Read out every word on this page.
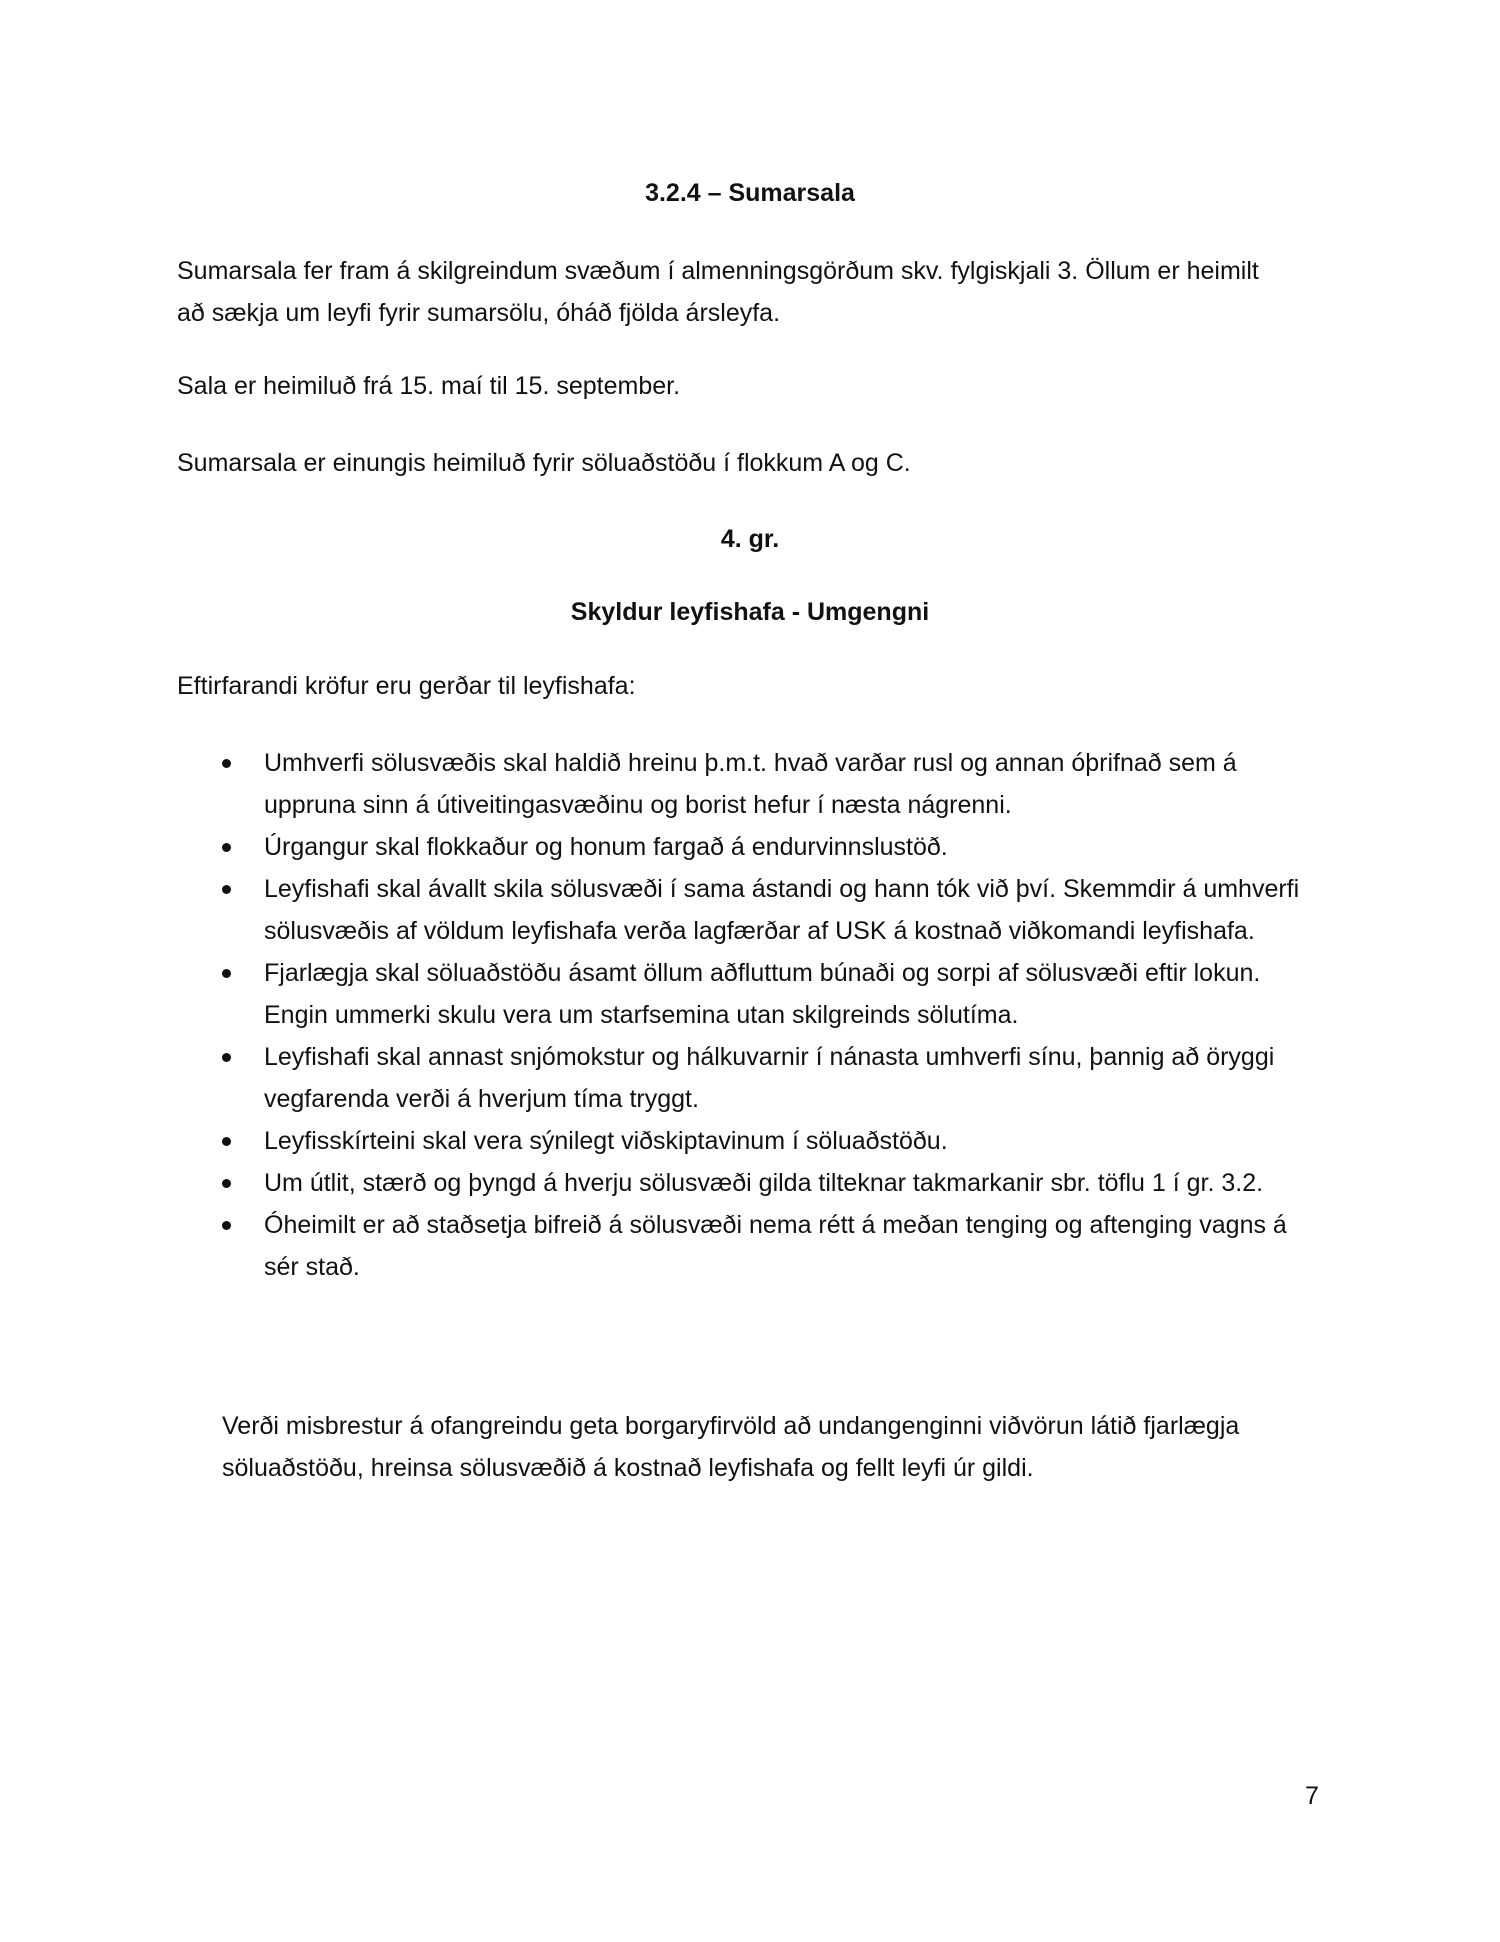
3.2.4 – Sumarsala

Sumarsala fer fram á skilgreindum svæðum í almenningsgörðum skv. fylgiskjali 3. Öllum er heimilt að sækja um leyfi fyrir sumarsölu, óháð fjölda ársleyfa.

Sala er heimiluð frá 15. maí til 15. september.

Sumarsala er einungis heimiluð fyrir söluaðstöðu í flokkum A og C.

4. gr.
Skyldur leyfishafa - Umgengni

Eftirfarandi kröfur eru gerðar til leyfishafa:

Umhverfi sölusvæðis skal haldið hreinu þ.m.t. hvað varðar rusl og annan óþrifnað sem á uppruna sinn á útiveitingasvæðinu og borist hefur í næsta nágrenni.
Úrgangur skal flokkaður og honum fargað á endurvinnslustöð.
Leyfishafi skal ávallt skila sölusvæði í sama ástandi og hann tók við því. Skemmdir á umhverfi sölusvæðis af völdum leyfishafa verða lagfærðar af USK á kostnað viðkomandi leyfishafa.
Fjarlægja skal söluaðstöðu ásamt öllum aðfluttum búnaði og sorpi af sölusvæði eftir lokun. Engin ummerki skulu vera um starfsemina utan skilgreinds sölutíma.
Leyfishafi skal annast snjómokstur og hálkuvarnir í nánasta umhverfi sínu, þannig að öryggi vegfarenda verði á hverjum tíma tryggt.
Leyfisskírteini skal vera sýnilegt viðskiptavinum í söluaðstöðu.
Um útlit, stærð og þyngd á hverju sölusvæði gilda tilteknar takmarkanir sbr. töflu 1 í gr. 3.2.
Óheimilt er að staðsetja bifreið á sölusvæði nema rétt á meðan tenging og aftenging vagns á sér stað.

Verði misbrestur á ofangreindu geta borgaryfirvöld að undangenginni viðvörun látið fjarlægja söluaðstöðu, hreinsa sölusvæðið á kostnað leyfishafa og fellt leyfi úr gildi.

7
